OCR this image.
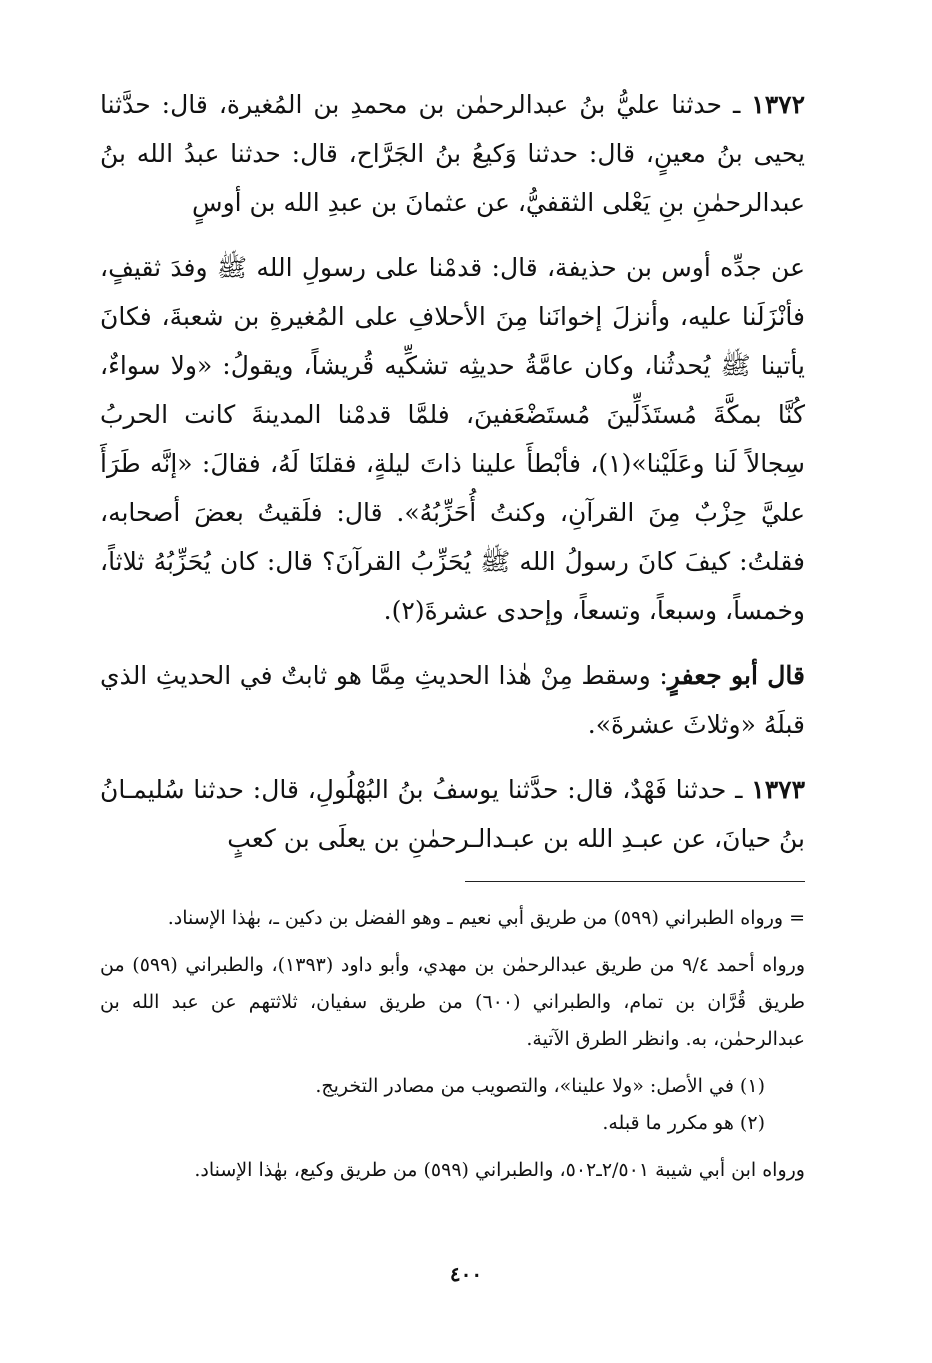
١٣٧٢ ـ حدثنا عليُّ بنُ عبدالرحمٰن بن محمدِ بن المُغيرة، قال: حدَّثنا يحيى بنُ معينٍ، قال: حدثنا وَكيعُ بنُ الجَرَّاح، قال: حدثنا عبدُ الله بنُ عبدالرحمٰنِ بنِ يَعْلى الثقفيُّ، عن عثمانَ بن عبدِ الله بن أوسٍ

عن جدِّه أوس بن حذيفة، قال: قدمْنا على رسولِ الله ﷺ وفدَ ثقيفٍ، فأنْزَلَنا عليه، وأنزلَ إخوانَنا مِنَ الأحلافِ على المُغيرةِ بن شعبةَ، فكانَ يأتينا ﷺ يُحدثُنا، وكان عامَّةُ حديثِه تشكِّيه قُريشاً، ويقولُ: «ولا سواءٌ، كُنَّا بمكَّةَ مُستَذَلِّينَ مُستَضْعَفينَ، فلمَّا قدمْنا المدينةَ كانت الحربُ سِجالاً لَنا وعَلَيْنا»(١)، فأبْطأَ علينا ذاتَ ليلةٍ، فقلنَا لَهُ، فقالَ: «إنَّه طَرَأَ عليَّ حِزْبٌ مِنَ القرآنِ، وكنتُ أُحَزِّبُهُ». قال: فلَقيتُ بعضَ أصحابه، فقلتُ: كيفَ كانَ رسولُ الله ﷺ يُحَزِّبُ القرآنَ؟ قال: كان يُحَزِّبُهُ ثلاثاً، وخمساً، وسبعاً، وتسعاً، وإحدى عشرةَ(٢).

قال أبو جعفرٍ: وسقط مِنْ هٰذا الحديثِ مِمَّا هو ثابتٌ في الحديثِ الذي قبلَهُ «وثلاثَ عشرةَ».

١٣٧٣ ـ حدثنا فَهْدٌ، قال: حدَّثنا يوسفُ بنُ البُهْلُولِ، قال: حدثنا سُليمـانُ بنُ حيانَ، عن عبـدِ الله بن عبـدالـرحمٰنِ بن يعلَى بن كعبٍ

= ورواه الطبراني (٥٩٩) من طريق أبي نعيم ـ وهو الفضل بن دكين ـ، بهٰذا الإسناد.

ورواه أحمد ٩/٤ من طريق عبدالرحمٰن بن مهدي، وأبو داود (١٣٩٣)، والطبراني (٥٩٩) من طريق قُرَّان بن تمام، والطبراني (٦٠٠) من طريق سفيان، ثلاثتهم عن عبد الله بن عبدالرحمٰن، به. وانظر الطرق الآتية.

(١) في الأصل: «ولا علينا»، والتصويب من مصادر التخريج.

(٢) هو مكرر ما قبله.

ورواه ابن أبي شيبة ٢/٥٠١ـ٥٠٢، والطبراني (٥٩٩) من طريق وكيع، بهٰذا الإسناد.

٤٠٠
